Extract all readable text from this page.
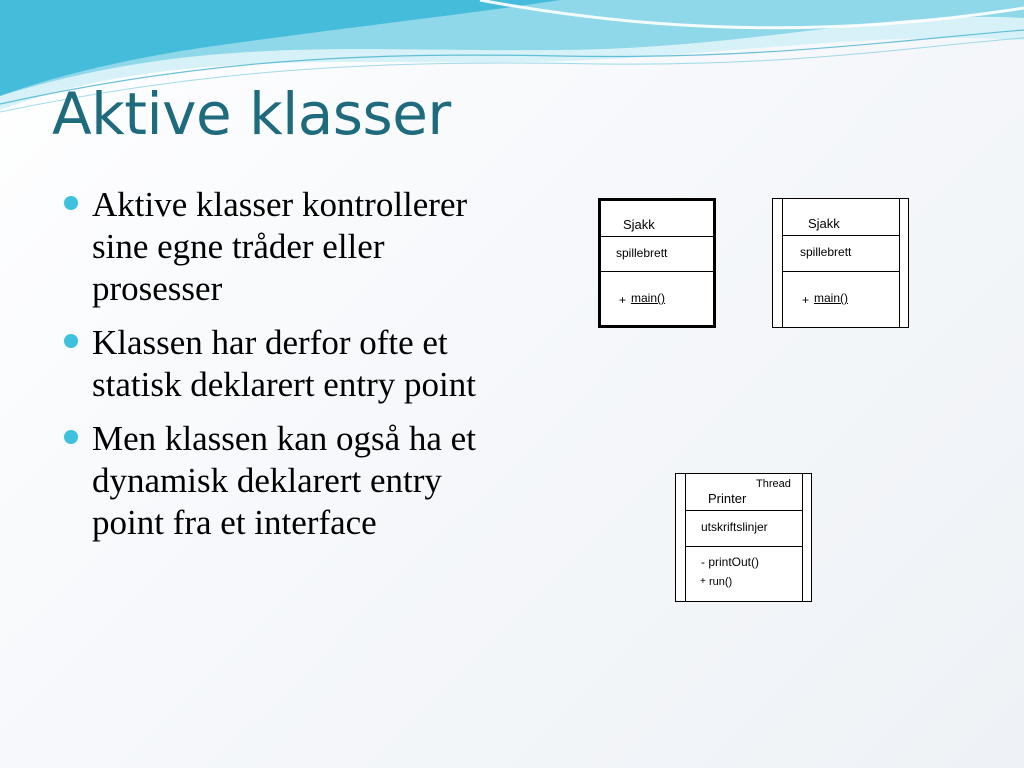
Aktive klasser
Aktive klasser kontrollerer sine egne tråder eller prosesser
Klassen har derfor ofte et statisk deklarert entry point
Men klassen kan også ha et dynamisk deklarert entry point fra et interface
Sjakk
spillebrett
+ main()
Sjakk
spillebrett
+ main()
Thread
Printer
utskriftslinjer
- printOut()
+ run()
